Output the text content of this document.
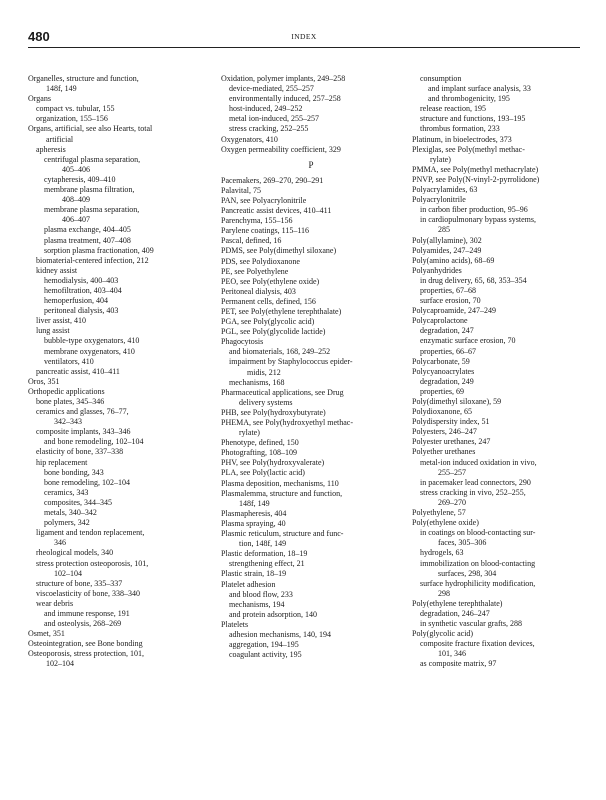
480	INDEX
Organelles, structure and function,
148f, 149
Organs
compact vs. tubular, 155
organization, 155–156
Organs, artificial, see also Hearts, total
artificial
apheresis
centrifugal plasma separation,
405–406
cytapheresis, 409–410
membrane plasma filtration,
408–409
membrane plasma separation,
406–407
plasma exchange, 404–405
plasma treatment, 407–408
sorption plasma fractionation, 409
biomaterial-centered infection, 212
kidney assist
hemodialysis, 400–403
hemofiltration, 403–404
hemoperfusion, 404
peritoneal dialysis, 403
liver assist, 410
lung assist
bubble-type oxygenators, 410
membrane oxygenators, 410
ventilators, 410
pancreatic assist, 410–411
Oros, 351
Orthopedic applications
bone plates, 345–346
ceramics and glasses, 76–77,
342–343
composite implants, 343–346
and bone remodeling, 102–104
elasticity of bone, 337–338
hip replacement
bone bonding, 343
bone remodeling, 102–104
ceramics, 343
composites, 344–345
metals, 340–342
polymers, 342
ligament and tendon replacement,
346
rheological models, 340
stress protection osteoporosis, 101,
102–104
structure of bone, 335–337
viscoelasticity of bone, 338–340
wear debris
and immune response, 191
and osteolysis, 268–269
Osmet, 351
Osteointegration, see Bone bonding
Osteoporosis, stress protection, 101,
102–104
Oxidation, polymer implants, 249–258
device-mediated, 255–257
environmentally induced, 257–258
host-induced, 249–252
metal ion-induced, 255–257
stress cracking, 252–255
Oxygenators, 410
Oxygen permeability coefficient, 329
P
Pacemakers, 269–270, 290–291
Palavital, 75
PAN, see Polyacrylonitrile
Pancreatic assist devices, 410–411
Parenchyma, 155–156
Parylene coatings, 115–116
Pascal, defined, 16
PDMS, see Poly(dimethyl siloxane)
PDS, see Polydioxanone
PE, see Polyethylene
PEO, see Poly(ethylene oxide)
Peritoneal dialysis, 403
Permanent cells, defined, 156
PET, see Poly(ethylene terephthalate)
PGA, see Poly(glycolic acid)
PGL, see Poly(glycolide lactide)
Phagocytosis
and biomaterials, 168, 249–252
impairment by Staphylococcus epider-
midis, 212
mechanisms, 168
Pharmaceutical applications, see Drug
delivery systems
PHB, see Poly(hydroxybutyrate)
PHEMA, see Poly(hydroxyethyl methac-
rylate)
Phenotype, defined, 150
Photografting, 108–109
PHV, see Poly(hydroxyvalerate)
PLA, see Poly(lactic acid)
Plasma deposition, mechanisms, 110
Plasmalemma, structure and function,
148f, 149
Plasmapheresis, 404
Plasma spraying, 40
Plasmic reticulum, structure and func-
tion, 148f, 149
Plastic deformation, 18–19
strengthening effect, 21
Plastic strain, 18–19
Platelet adhesion
and blood flow, 233
mechanisms, 194
and protein adsorption, 140
Platelets
adhesion mechanisms, 140, 194
aggregation, 194–195
coagulant activity, 195
consumption
and implant surface analysis, 33
and thrombogenicity, 195
release reaction, 195
structure and functions, 193–195
thrombus formation, 233
Platinum, in bioelectrodes, 373
Plexiglas, see Poly(methyl methac-
rylate)
PMMA, see Poly(methyl methacrylate)
PNVP, see Poly(N-vinyl-2-pyrrolidone)
Polyacrylamides, 63
Polyacrylonitrile
in carbon fiber production, 95–96
in cardiopulmonary bypass systems,
285
Poly(allylamine), 302
Polyamides, 247–249
Poly(amino acids), 68–69
Polyanhydrides
in drug delivery, 65, 68, 353–354
properties, 67–68
surface erosion, 70
Polycaproamide, 247–249
Polycaprolactone
degradation, 247
enzymatic surface erosion, 70
properties, 66–67
Polycarbonate, 59
Polycyanoacrylates
degradation, 249
properties, 69
Poly(dimethyl siloxane), 59
Polydioxanone, 65
Polydispersity index, 51
Polyesters, 246–247
Polyester urethanes, 247
Polyether urethanes
metal-ion induced oxidation in vivo,
255–257
in pacemaker lead connectors, 290
stress cracking in vivo, 252–255,
269–270
Polyethylene, 57
Poly(ethylene oxide)
in coatings on blood-contacting sur-
faces, 305–306
hydrogels, 63
immobilization on blood-contacting
surfaces, 298, 304
surface hydrophilicity modification,
298
Poly(ethylene terephthalate)
degradation, 246–247
in synthetic vascular grafts, 288
Poly(glycolic acid)
composite fracture fixation devices,
101, 346
as composite matrix, 97
